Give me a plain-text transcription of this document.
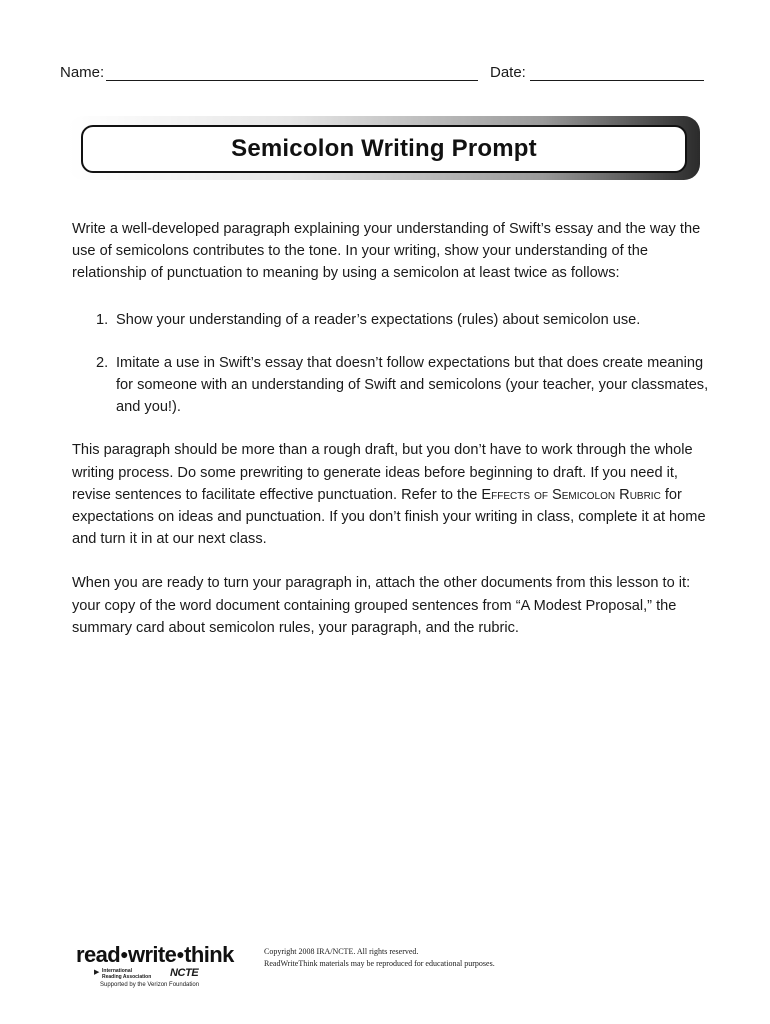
Name:	Date:
Semicolon Writing Prompt

Write a well-developed paragraph explaining your understanding of Swift’s essay and the way the use of semicolons contributes to the tone. In your writing, show your understanding of the relationship of punctuation to meaning by using a semicolon at least twice as follows:

1. Show your understanding of a reader’s expectations (rules) about semicolon use.
2. Imitate a use in Swift’s essay that doesn’t follow expectations but that does create meaning for someone with an understanding of Swift and semicolons (your teacher, your classmates, and you!).

This paragraph should be more than a rough draft, but you don’t have to work through the whole writing process. Do some prewriting to generate ideas before beginning to draft. If you need it, revise sentences to facilitate effective punctuation. Refer to the Effects of Semicolon Rubric for expectations on ideas and punctuation. If you don’t finish your writing in class, complete it at home and turn it in at our next class.

When you are ready to turn your paragraph in, attach the other documents from this lesson to it: your copy of the word document containing grouped sentences from “A Modest Proposal,” the summary card about semicolon rules, your paragraph, and the rubric.

read●write●think
▶ International
Reading Association	NCTE
Supported by the Verizon Foundation
Copyright 2008 IRA/NCTE. All rights reserved.
ReadWriteThink materials may be reproduced for educational purposes.
